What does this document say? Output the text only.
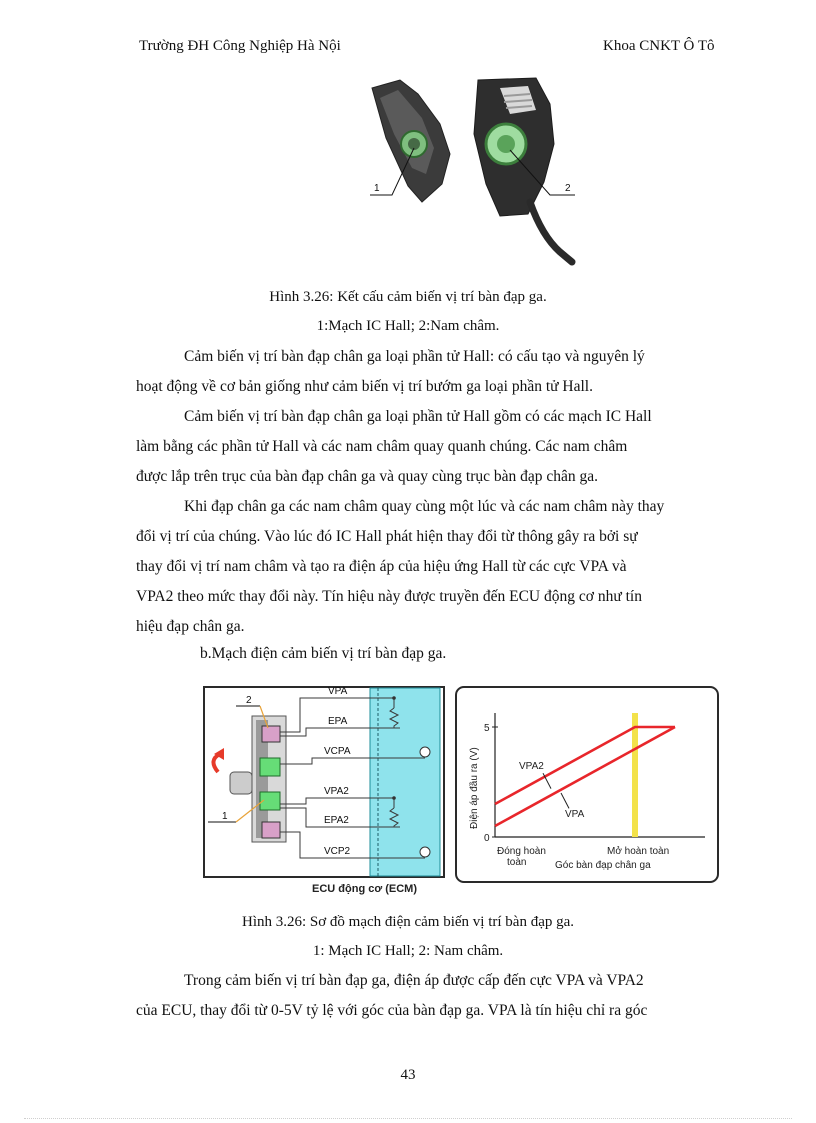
Trường ĐH Công Nghiệp Hà Nội	Khoa CNKT Ô Tô
1	2
Hình 3.26: Kết cấu cảm biến vị trí bàn đạp ga.
1:Mạch IC Hall; 2:Nam châm.
Cảm biến vị trí bàn đạp chân ga loại phần tử Hall: có cấu tạo và nguyên lý
hoạt động về cơ bản giống như cảm biến vị trí bướm ga loại phần tử Hall.
Cảm biến vị trí bàn đạp chân ga loại phần tử Hall gồm có các mạch IC Hall
làm bằng các phần tử Hall và các nam châm quay quanh chúng. Các nam châm
được lắp trên trục của bàn đạp chân ga và quay cùng trục bàn đạp chân ga.
Khi đạp chân ga các nam châm quay cùng một lúc và các nam châm này thay
đổi vị trí của chúng. Vào lúc đó IC Hall phát hiện thay đổi từ thông gây ra bởi sự
thay đổi vị trí nam châm và tạo ra điện áp của hiệu ứng Hall từ các cực VPA và
VPA2 theo mức thay đổi này. Tín hiệu này được truyền đến ECU động cơ như tín
hiệu đạp chân ga.
b.Mạch điện cảm biến vị trí bàn đạp ga.
VPA
EPA
VCPA
VPA2
EPA2
VCP2
2
1
ECU động cơ (ECM)
0
5
VPA2
VPA
Điện áp đầu ra (V)
Đóng hoàn
toàn
Mở hoàn toàn
Góc bàn đạp chân ga
Hình 3.26: Sơ đồ mạch điện cảm biến vị trí bàn đạp ga.
1: Mạch IC Hall; 2: Nam châm.
Trong cảm biến vị trí bàn đạp ga, điện áp được cấp đến cực VPA và VPA2
của ECU, thay đổi từ 0-5V tỷ lệ với góc của bàn đạp ga. VPA là tín hiệu chỉ ra góc
43
